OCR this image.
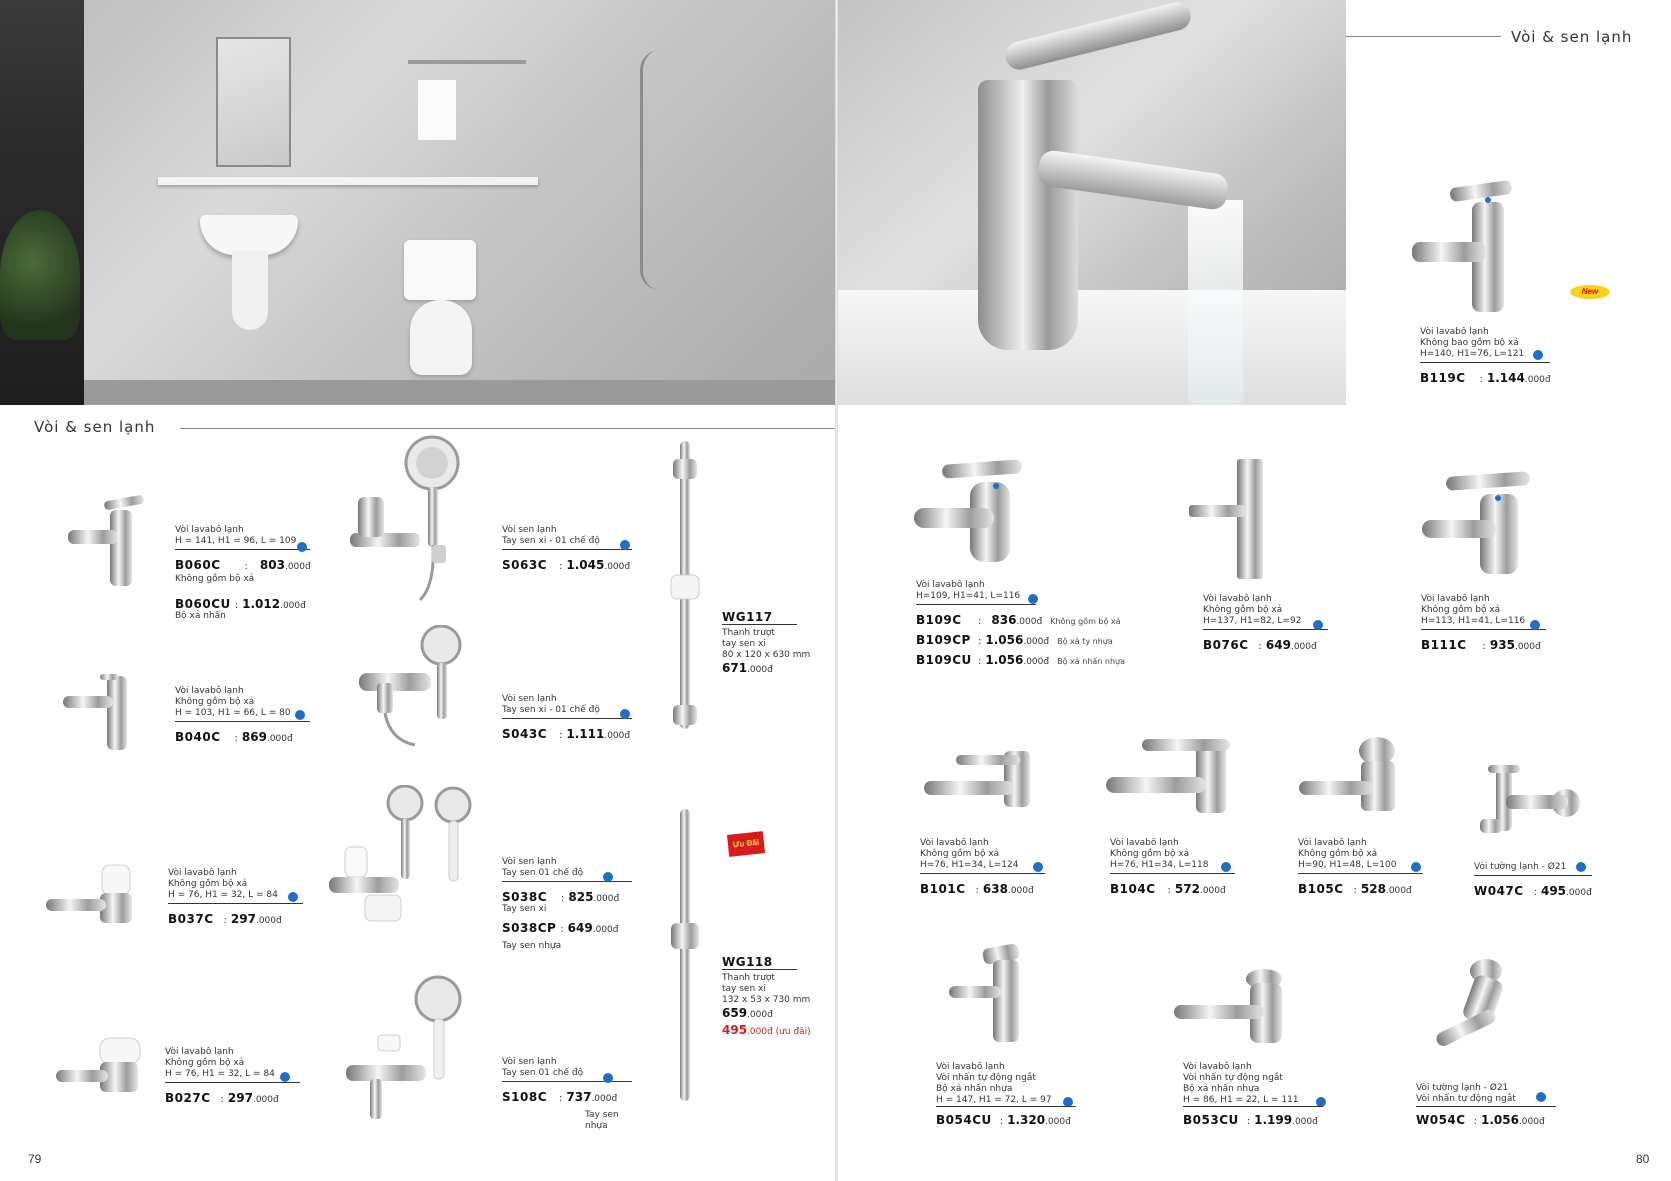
Vòi & sen lạnh
Vòi lavabô lạnh
H = 141, H1 = 96, L = 109
B060C : 803.000đ
Không gồm bộ xả
B060CU : 1.012.000đ
Bộ xả nhấn
Vòi lavabô lạnh
Không gồm bộ xả
H = 103, H1 = 66, L = 80
B040C : 869.000đ
Vòi lavabô lạnh
Không gồm bộ xả
H = 76, H1 = 32, L = 84
B037C : 297.000đ
Vòi lavabô lạnh
Không gồm bộ xả
H = 76, H1 = 32, L = 84
B027C : 297.000đ
Vòi sen lạnh
Tay sen xi - 01 chế độ
S063C : 1.045.000đ
Vòi sen lạnh
Tay sen xi - 01 chế độ
S043C : 1.111.000đ
Vòi sen lạnh
Tay sen 01 chế độ
S038C : 825.000đ
Tay sen xi
S038CP : 649.000đ
Tay sen nhựa
Vòi sen lạnh
Tay sen 01 chế độ
S108C : 737.000đ
Tay sen nhựa
WG117
Thanh trượt
tay sen xi
80 x 120 x 630 mm
671.000đ
Ưu Đãi
WG118
Thanh trượt
tay sen xi
132 x 53 x 730 mm
659.000đ
495.000đ (ưu đãi)
79
Vòi & sen lạnh
New
Vòi lavabô lạnh
Không bao gồm bộ xả
H=140, H1=76, L=121
B119C : 1.144.000đ
Vòi lavabô lạnh
H=109, H1=41, L=116
B109C : 836.000đ Không gồm bộ xả
B109CP : 1.056.000đ Bộ xả ty nhựa
B109CU : 1.056.000đ Bộ xả nhấn nhựa
Vòi lavabô lạnh
Không gồm bộ xả
H=137, H1=82, L=92
B076C : 649.000đ
Vòi lavabô lạnh
Không gồm bộ xả
H=113, H1=41, L=116
B111C : 935.000đ
Vòi lavabô lạnh
Không gồm bộ xả
H=76, H1=34, L=124
B101C : 638.000đ
Vòi lavabô lạnh
Không gồm bộ xả
H=76, H1=34, L=118
B104C : 572.000đ
Vòi lavabô lạnh
Không gồm bộ xả
H=90, H1=48, L=100
B105C : 528.000đ
Vòi tường lạnh - Ø21
W047C : 495.000đ
Vòi lavabô lạnh
Vòi nhấn tự động ngắt
Bộ xả nhấn nhựa
H = 147, H1 = 72, L = 97
Vòi lavabô lạnh
Vòi nhấn tự động ngắt
Bộ xả nhấn nhựa
H = 86, H1 = 22, L = 111
Vòi tường lạnh - Ø21
Vòi nhấn tự động ngắt
B054CU : 1.320.000đ	B053CU : 1.199.000đ	W054C : 1.056.000đ
80
